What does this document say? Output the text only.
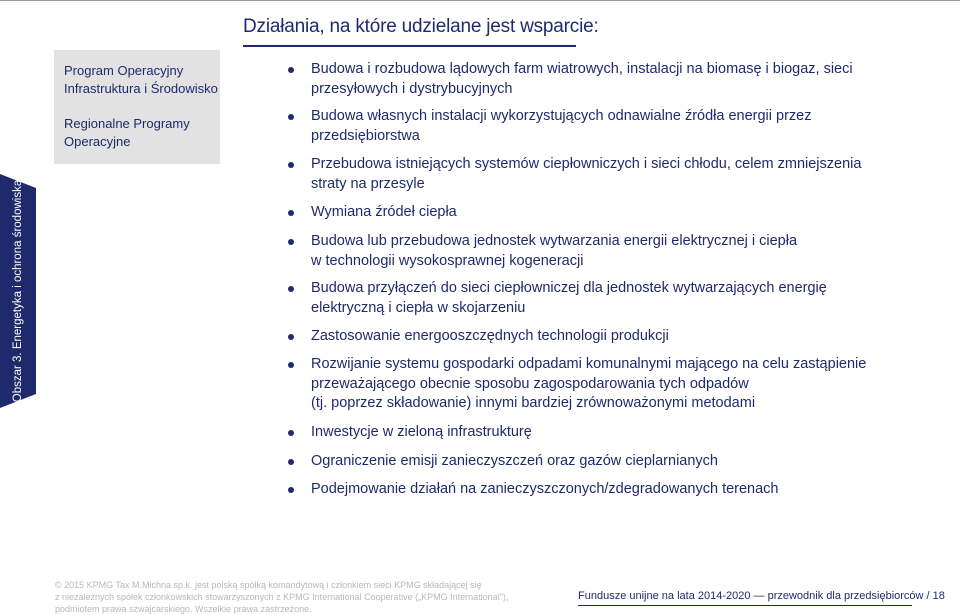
Działania, na które udzielane jest wsparcie:
Program Operacyjny
Infrastruktura i Środowisko
Regionalne Programy
Operacyjne
Obszar 3. Energetyka i ochrona środowiska
Budowa i rozbudowa lądowych farm wiatrowych, instalacji na biomasę i biogaz, sieci
przesyłowych i dystrybucyjnych
Budowa własnych instalacji wykorzystujących odnawialne źródła energii przez
przedsiębiorstwa
Przebudowa istniejących systemów ciepłowniczych i sieci chłodu, celem zmniejszenia
straty na przesyle
Wymiana źródeł ciepła
Budowa lub przebudowa jednostek wytwarzania energii elektrycznej i ciepła
w technologii wysokosprawnej kogeneracji
Budowa przyłączeń do sieci ciepłowniczej dla jednostek wytwarzających energię
elektryczną i ciepła w skojarzeniu
Zastosowanie energooszczędnych technologii produkcji
Rozwijanie systemu gospodarki odpadami komunalnymi mającego na celu zastąpienie
przeważającego obecnie sposobu zagospodarowania tych odpadów
(tj. poprzez składowanie) innymi bardziej zrównoważonymi metodami
Inwestycje w zieloną infrastrukturę
Ograniczenie emisji zanieczyszczeń oraz gazów cieplarnianych
Podejmowanie działań na zanieczyszczonych/zdegradowanych terenach
© 2015 KPMG Tax M.Michna sp.k. jest polską spółką komandytową i członkiem sieci KPMG składającej się
z niezależnych spółek członkowskich stowarzyszonych z KPMG International Cooperative („KPMG International"),
podmiotem prawa szwajcarskiego. Wszelkie prawa zastrzeżone.
Fundusze unijne na lata 2014-2020 — przewodnik dla przedsiębiorców / 18
